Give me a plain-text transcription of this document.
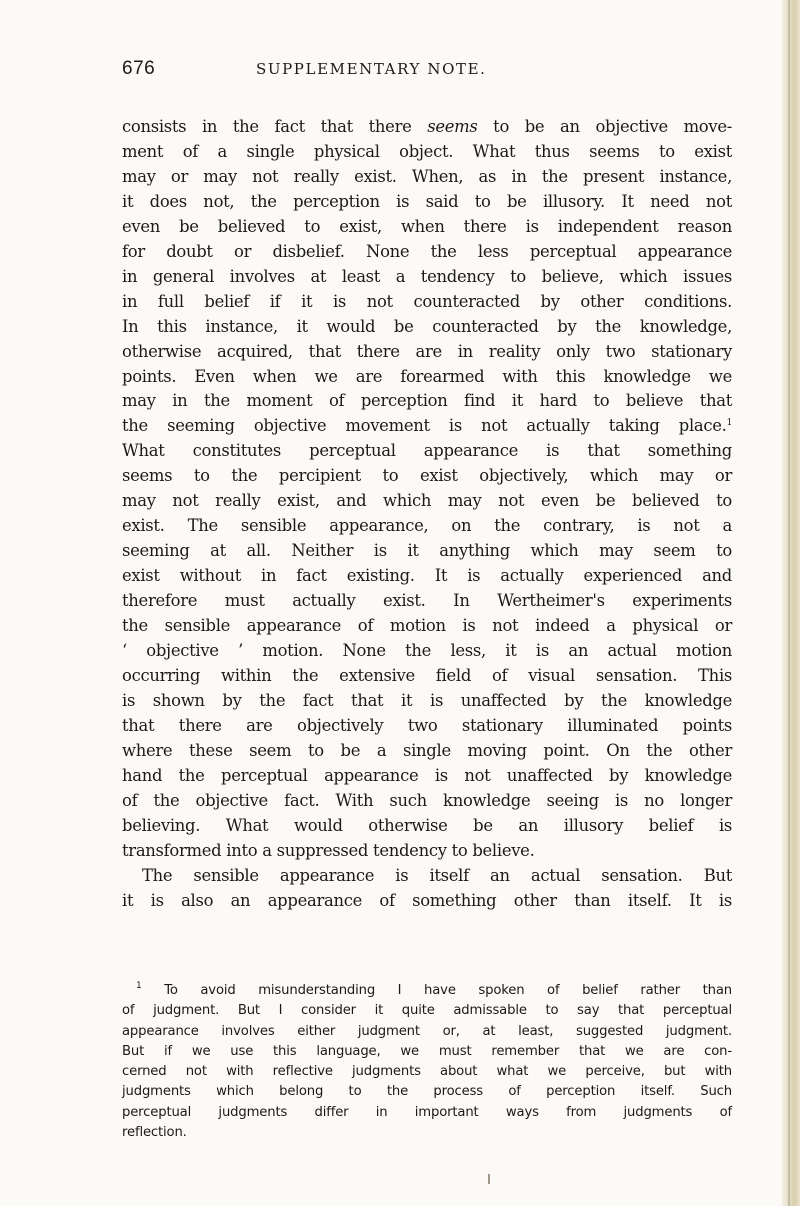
676	SUPPLEMENTARY NOTE.
consists in the fact that there seems to be an objective move-
ment of a single physical object. What thus seems to exist
may or may not really exist. When, as in the present instance,
it does not, the perception is said to be illusory. It need not
even be believed to exist, when there is independent reason
for doubt or disbelief. None the less perceptual appearance
in general involves at least a tendency to believe, which issues
in full belief if it is not counteracted by other conditions.
In this instance, it would be counteracted by the knowledge,
otherwise acquired, that there are in reality only two stationary
points. Even when we are forearmed with this knowledge we
may in the moment of perception find it hard to believe that
the seeming objective movement is not actually taking place.$^1$
What constitutes perceptual appearance is that something
seems to the percipient to exist objectively, which may or
may not really exist, and which may not even be believed to
exist. The sensible appearance, on the contrary, is not a
seeming at all. Neither is it anything which may seem to
exist without in fact existing. It is actually experienced and
therefore must actually exist. In Wertheimer's experiments
the sensible appearance of motion is not indeed a physical or
‘ objective ’ motion. None the less, it is an actual motion
occurring within the extensive field of visual sensation. This
is shown by the fact that it is unaffected by the knowledge
that there are objectively two stationary illuminated points
where these seem to be a single moving point. On the other
hand the perceptual appearance is not unaffected by knowledge
of the objective fact. With such knowledge seeing is no longer
believing. What would otherwise be an illusory belief is
transformed into a suppressed tendency to believe.
The sensible appearance is itself an actual sensation. But
it is also an appearance of something other than itself. It is
$^1$ To avoid misunderstanding I have spoken of belief rather than
of judgment. But I consider it quite admissable to say that perceptual
appearance involves either judgment or, at least, suggested judgment.
But if we use this language, we must remember that we are con-
cerned not with reflective judgments about what we perceive, but with
judgments which belong to the process of perception itself. Such
perceptual judgments differ in important ways from judgments of
reflection.
